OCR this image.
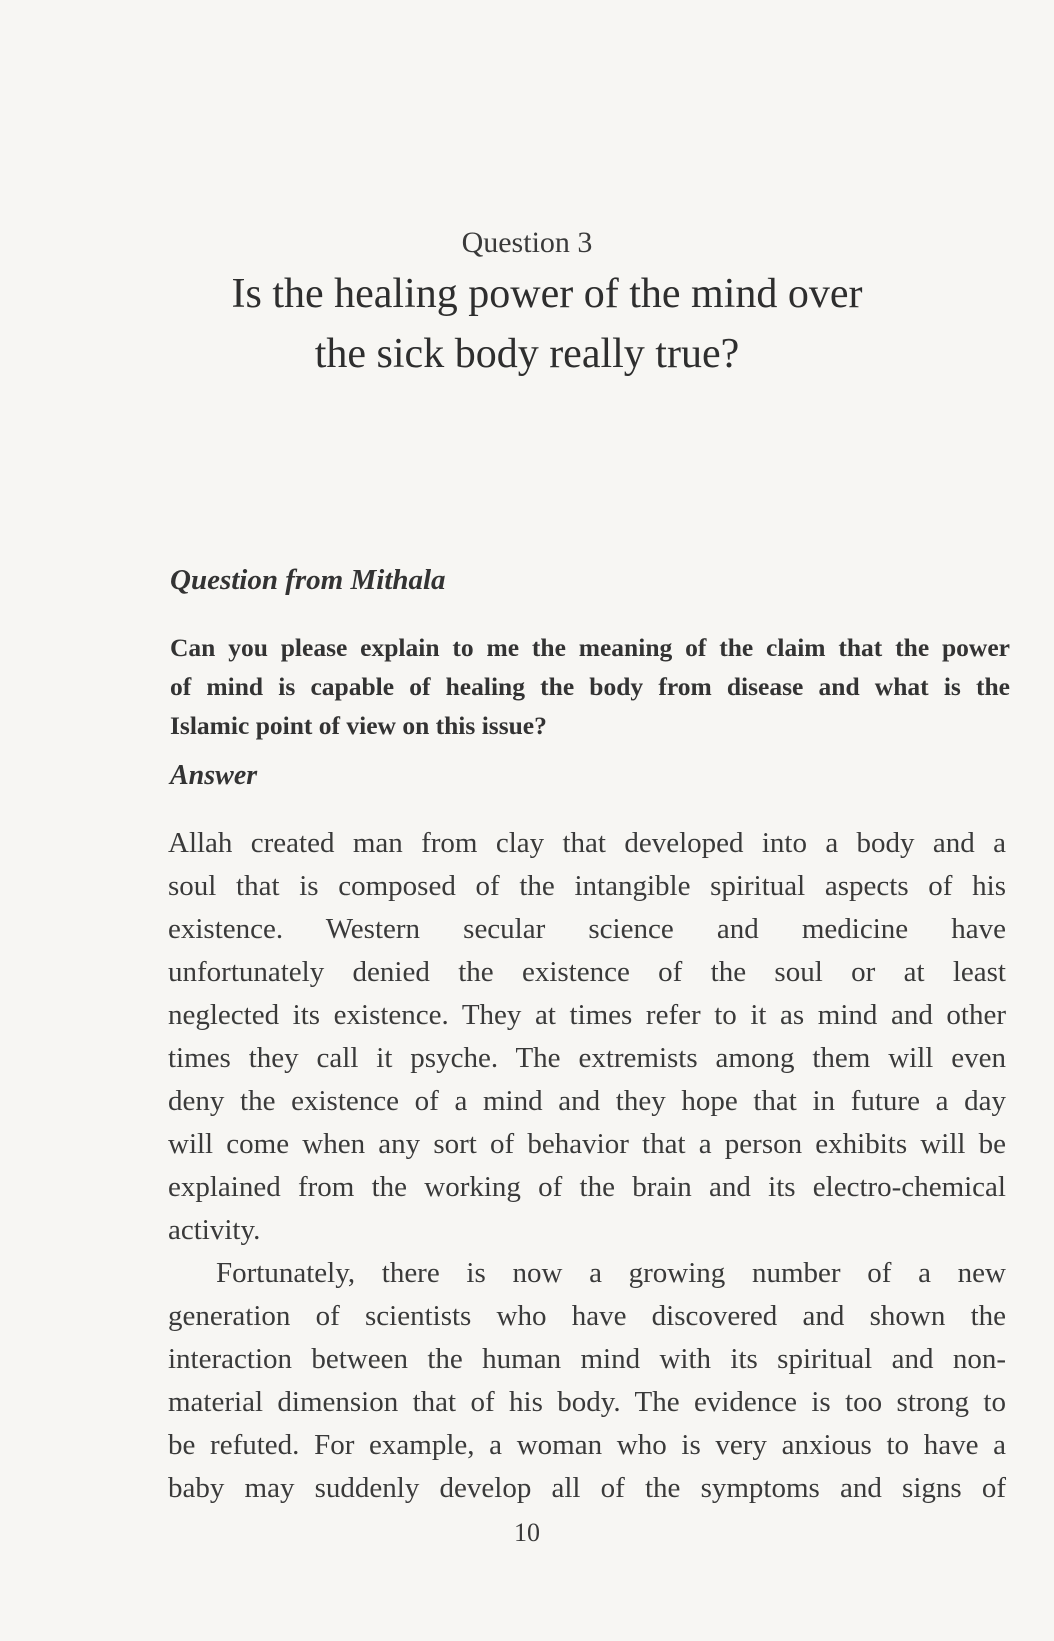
Question 3
Is the healing power of the mind over
the sick body really true?
Question from Mithala
Can you please explain to me the meaning of the claim that the power
of mind is capable of healing the body from disease and what is the
Islamic point of view on this issue?
Answer
Allah created man from clay that developed into a body and a
soul that is composed of the intangible spiritual aspects of his
existence. Western secular science and medicine have
unfortunately denied the existence of the soul or at least
neglected its existence. They at times refer to it as mind and other
times they call it psyche. The extremists among them will even
deny the existence of a mind and they hope that in future a day
will come when any sort of behavior that a person exhibits will be
explained from the working of the brain and its electro-chemical
activity.
Fortunately, there is now a growing number of a new
generation of scientists who have discovered and shown the
interaction between the human mind with its spiritual and non-
material dimension that of his body. The evidence is too strong to
be refuted. For example, a woman who is very anxious to have a
baby may suddenly develop all of the symptoms and signs of
10
